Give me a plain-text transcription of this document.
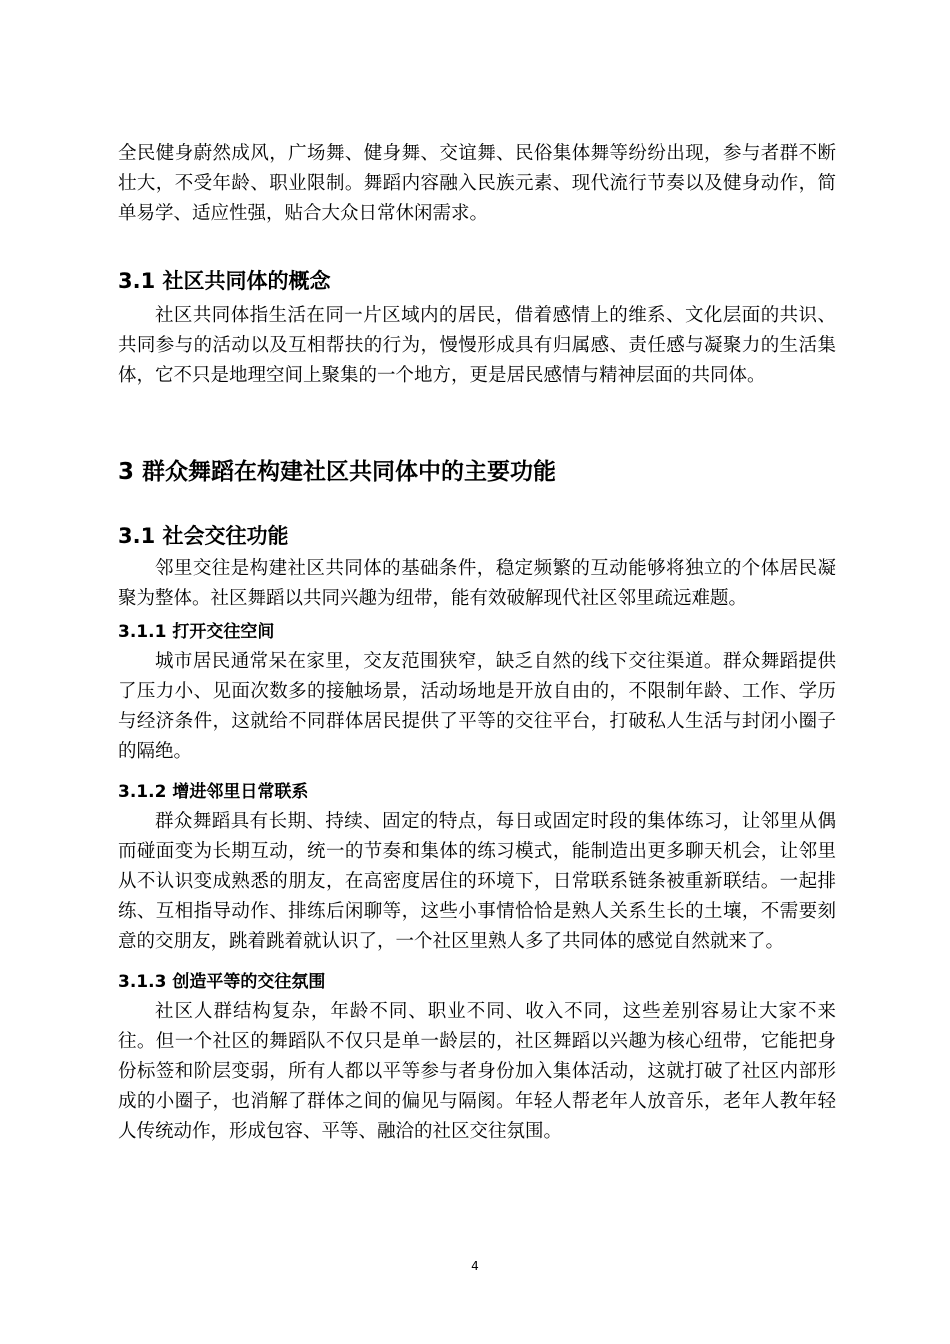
全民健身蔚然成风，广场舞、健身舞、交谊舞、民俗集体舞等纷纷出现，参与者群不断壮大，不受年龄、职业限制。舞蹈内容融入民族元素、现代流行节奏以及健身动作，简单易学、适应性强，贴合大众日常休闲需求。

3.1 社区共同体的概念

社区共同体指生活在同一片区域内的居民，借着感情上的维系、文化层面的共识、共同参与的活动以及互相帮扶的行为，慢慢形成具有归属感、责任感与凝聚力的生活集体，它不只是地理空间上聚集的一个地方，更是居民感情与精神层面的共同体。

3 群众舞蹈在构建社区共同体中的主要功能
3.1 社会交往功能

邻里交往是构建社区共同体的基础条件，稳定频繁的互动能够将独立的个体居民凝聚为整体。社区舞蹈以共同兴趣为纽带，能有效破解现代社区邻里疏远难题。

3.1.1 打开交往空间

城市居民通常呆在家里，交友范围狭窄，缺乏自然的线下交往渠道。群众舞蹈提供了压力小、见面次数多的接触场景，活动场地是开放自由的，不限制年龄、工作、学历与经济条件，这就给不同群体居民提供了平等的交往平台，打破私人生活与封闭小圈子的隔绝。

3.1.2 增进邻里日常联系

群众舞蹈具有长期、持续、固定的特点，每日或固定时段的集体练习，让邻里从偶而碰面变为长期互动，统一的节奏和集体的练习模式，能制造出更多聊天机会，让邻里从不认识变成熟悉的朋友，在高密度居住的环境下，日常联系链条被重新联结。一起排练、互相指导动作、排练后闲聊等，这些小事情恰恰是熟人关系生长的土壤，不需要刻意的交朋友，跳着跳着就认识了，一个社区里熟人多了共同体的感觉自然就来了。

3.1.3 创造平等的交往氛围

社区人群结构复杂，年龄不同、职业不同、收入不同，这些差别容易让大家不来往。但一个社区的舞蹈队不仅只是单一龄层的，社区舞蹈以兴趣为核心纽带，它能把身份标签和阶层变弱，所有人都以平等参与者身份加入集体活动，这就打破了社区内部形成的小圈子，也消解了群体之间的偏见与隔阂。年轻人帮老年人放音乐，老年人教年轻人传统动作，形成包容、平等、融洽的社区交往氛围。

4
